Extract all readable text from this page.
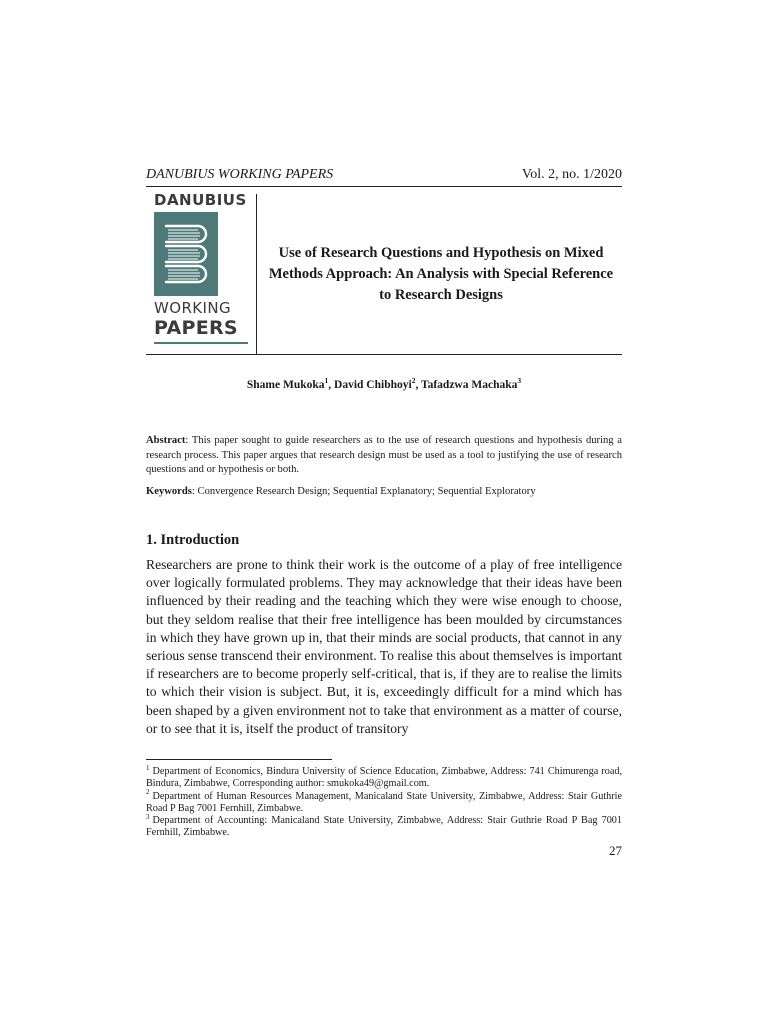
DANUBIUS WORKING PAPERS	Vol. 2, no. 1/2020
DANUBIUS
WORKING
PAPERS
Use of Research Questions and Hypothesis on Mixed Methods Approach: An Analysis with Special Reference to Research Designs
Shame Mukoka$^1$, David Chibhoyi$^2$, Tafadzwa Machaka$^3$

Abstract: This paper sought to guide researchers as to the use of research questions and hypothesis during a research process. This paper argues that research design must be used as a tool to justifying the use of research questions and or hypothesis or both.

Keywords: Convergence Research Design; Sequential Explanatory; Sequential Exploratory

1. Introduction

Researchers are prone to think their work is the outcome of a play of free intelligence over logically formulated problems. They may acknowledge that their ideas have been influenced by their reading and the teaching which they were wise enough to choose, but they seldom realise that their free intelligence has been moulded by circumstances in which they have grown up in, that their minds are social products, that cannot in any serious sense transcend their environment. To realise this about themselves is important if researchers are to become properly self-critical, that is, if they are to realise the limits to which their vision is subject. But, it is, exceedingly difficult for a mind which has been shaped by a given environment not to take that environment as a matter of course, or to see that it is, itself the product of transitory

$^1$ Department of Economics, Bindura University of Science Education, Zimbabwe, Address: 741 Chimurenga road, Bindura, Zimbabwe, Corresponding author: smukoka49@gmail.com.

$^2$ Department of Human Resources Management, Manicaland State University, Zimbabwe, Address: Stair Guthrie Road P Bag 7001 Fernhill, Zimbabwe.

$^3$ Department of Accounting: Manicaland State University, Zimbabwe, Address: Stair Guthrie Road P Bag 7001 Fernhill, Zimbabwe.

27
